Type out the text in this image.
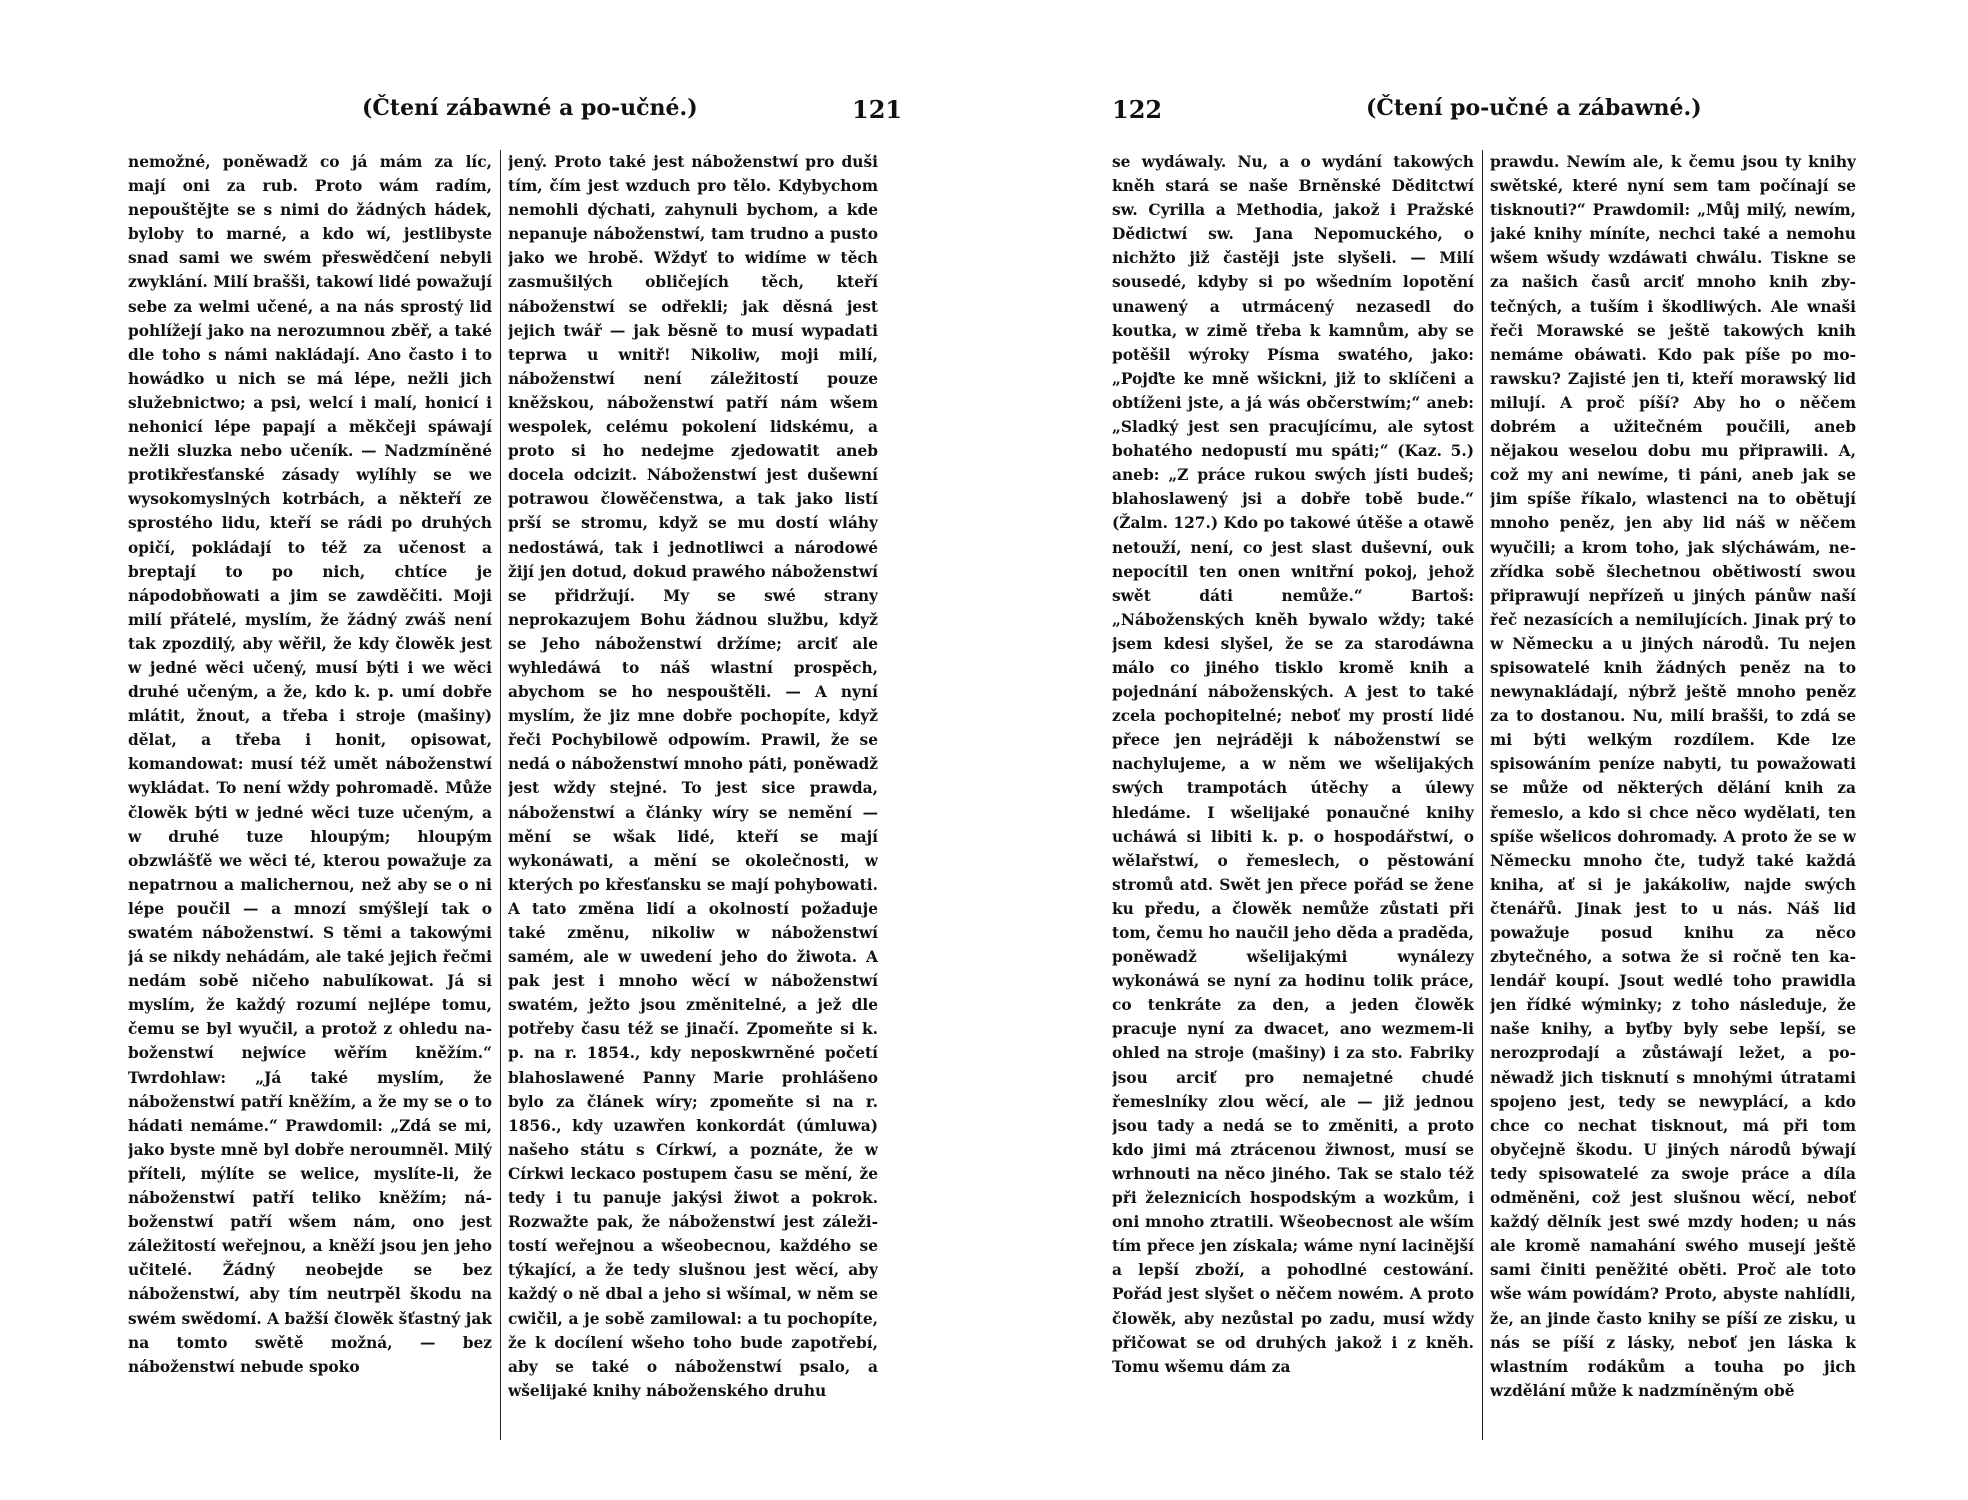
(Čtení zábawné a po-učné.)	121

nemožné, poněwadž co já mám za líc, mají oni za rub. Proto wám radím, nepouštějte se s nimi do žádných hádek, byloby to marné, a kdo wí, jestlibyste snad sami we swém přeswědčení nebyli zwyklání. Milí brašši, takowí lidé powažují sebe za welmi učené, a na nás sprostý lid pohlížejí jako na nerozumnou zběř, a také dle toho s námi nakládají. Ano často i to howádko u nich se má lépe, nežli jich služebnictwo; a psi, welcí i malí, honicí i nehonicí lépe papají a měkčeji spáwají nežli sluzka nebo učeník. — Nadzmíněné protikřesťanské zásady wylíhly se we wysokomyslných kotrbách, a někteří ze sprostého lidu, kteří se rádi po druhých opičí, pokládají to též za učenost a breptají to po nich, chtíce je nápodobňowati a jim se zawděčiti. Moji milí přátelé, myslím, že žádný zwáš není tak zpozdilý, aby wěřil, že kdy člowěk jest w jedné wěci učený, musí býti i we wěci druhé učeným, a že, kdo k. p. umí dobře mlátit, žnout, a třeba i stroje (mašiny) dělat, a třeba i honit, opisowat, komandowat: musí též umět náboženstwí wykládat. To není wždy pohromadě. Může člowěk býti w jedné wěci tuze učeným, a w druhé tuze hloupým; hloupým obzwlášťě we wěci té, kterou powažuje za nepatrnou a malichernou, než aby se o ni lépe poučil — a mnozí smýšlejí tak o swatém náboženstwí. S těmi a takowými já se nikdy nehádám, ale také jejich řečmi nedám sobě ničeho nabulíkowat. Já si myslím, že každý rozumí nejlépe tomu, čemu se byl wyučil, a protož z ohledu naboženstwí nejwíce wěřím kněžím.“ Twrdohlaw: „Já také myslím, že náboženstwí patří kněžím, a že my se o to hádati nemáme.“ Prawdomil: „Zdá se mi, jako byste mně byl dobře neroumněl. Milý příteli, mýlíte se welice, myslíte-li, že náboženstwí patří teliko kněžím; náboženstwí patří wšem nám, ono jest záležitostí weřejnou, a kněží jsou jen jeho učitelé. Žádný neobejde se bez náboženstwí, aby tím neutrpěl škodu na swém swědomí. A bažší člowěk šťastný jak na tomto swětě možná, — bez náboženstwí nebude spoko

jený. Proto také jest náboženstwí pro duši tím, čím jest wzduch pro tělo. Kdybychom nemohli dýchati, zahynuli bychom, a kde nepanuje náboženstwí, tam trudno a pusto jako we hrobě. Wždyť to widíme w těch zasmušilých obličejích těch, kteří náboženstwí se odřekli; jak děsná jest jejich twář — jak běsně to musí wypadati teprwa u wnitř! Nikoliw, moji milí, náboženstwí není záležitostí pouze kněžskou, náboženstwí patří nám wšem wespolek, celému pokolení lidskému, a proto si ho nedejme zjedowatit aneb docela odcizit. Náboženstwí jest dušewní potrawou člowěčenstwa, a tak jako listí prší se stromu, když se mu dostí wláhy nedostáwá, tak i jednotliwci a národowé žijí jen dotud, dokud prawého náboženstwí se přidržují. My se swé strany neprokazujem Bohu žádnou službu, když se Jeho náboženstwí držíme; arciť ale wyhledáwá to náš wlastní prospěch, abychom se ho nespouštěli. — A nyní myslím, že jiz mne dobře pochopíte, když řeči Pochybilowě odpowím. Prawil, že se nedá o náboženstwí mnoho páti, poněwadž jest wždy stejné. To jest sice prawda, náboženstwí a články wíry se nemění — mění se wšak lidé, kteří se mají wykonáwati, a mění se okolečnosti, w kterých po křesťansku se mají pohybowati. A tato změna lidí a okolností požaduje také změnu, nikoliw w náboženstwí samém, ale w uwedení jeho do žiwota. A pak jest i mnoho wěcí w náboženstwí swatém, ježto jsou změnitelné, a jež dle potřeby času též se jinačí. Zpomeňte si k. p. na r. 1854., kdy neposkwrněné početí blahoslawené Panny Marie prohlášeno bylo za článek wíry; zpomeňte si na r. 1856., kdy uzawřen konkordát (úmluwa) našeho státu s Církwí, a poznáte, že w Církwi leckaco postupem času se mění, že tedy i tu panuje jakýsi žiwot a pokrok. Rozwažte pak, že náboženstwí jest záležitostí weřejnou a wšeobecnou, každého se týkající, a že tedy slušnou jest wěcí, aby každý o ně dbal a jeho si wšímal, w něm se cwičil, a je sobě zamilowal: a tu pochopíte, že k docílení wšeho toho bude zapotřebí, aby se také o náboženstwí psalo, a wšelijaké knihy náboženského druhu

122	(Čtení po-učné a zábawné.)

se wydáwaly. Nu, a o wydání takowých kněh stará se naše Brněnské Děditctwí sw. Cyrilla a Methodia, jakož i Pražské Dědictwí sw. Jana Nepomuckého, o nichžto již častěji jste slyšeli. — Milí sousedé, kdyby si po wšedním lopotění unawený a utrmácený nezasedl do koutka, w zimě třeba k kamnům, aby se potěšil wýroky Písma swatého, jako: „Pojďte ke mně wšickni, již to sklíčeni a obtíženi jste, a já wás občerstwím;“ aneb: „Sladký jest sen pracujícímu, ale sytost bohatého nedopustí mu spáti;“ (Kaz. 5.) aneb: „Z práce rukou swých jísti budeš; blahoslawený jsi a dobře tobě bude.“ (Žalm. 127.) Kdo po takowé útěše a otawě netouží, není, co jest slast duševní, ouk nepocítil ten onen wnitřní pokoj, jehož swět dáti nemůže.“ Bartoš: „Náboženských kněh bywalo wždy; také jsem kdesi slyšel, že se za starodáwna málo co jiného tisklo kromě knih a pojednání náboženských. A jest to také zcela pochopitelné; neboť my prostí lidé přece jen nejráději k náboženstwí se nachylujeme, a w něm we wšelijakých swých trampotách útěchy a úlewy hledáme. I wšelijaké ponaučné knihy ucháwá si libiti k. p. o hospodářstwí, o wělařstwí, o řemeslech, o pěstowání stromů atd. Swět jen přece pořád se žene ku předu, a člowěk nemůže zůstati při tom, čemu ho naučil jeho děda a praděda, poněwadž wšelijakými wynálezy wykonáwá se nyní za hodinu tolik práce, co tenkráte za den, a jeden člowěk pracuje nyní za dwacet, ano wezmem-li ohled na stroje (mašiny) i za sto. Fabriky jsou arciť pro nemajetné chudé řemeslníky zlou wěcí, ale — již jednou jsou tady a nedá se to změniti, a proto kdo jimi má ztrácenou žiwnost, musí se wrhnouti na něco jiného. Tak se stalo též při železnicích hospodským a wozkům, i oni mnoho ztratili. Wšeobecnost ale wším tím přece jen získala; wáme nyní lacinější a lepší zboží, a pohodlné cestowání. Pořád jest slyšet o něčem nowém. A proto člowěk, aby nezůstal po zadu, musí wždy přičowat se od druhých jakož i z kněh. Tomu wšemu dám za

prawdu. Newím ale, k čemu jsou ty knihy swětské, které nyní sem tam počínají se tisknouti?“ Prawdomil: „Můj milý, newím, jaké knihy míníte, nechci také a nemohu wšem wšudy wzdáwati chwálu. Tiskne se za našich časů arciť mnoho knih zbytečných, a tuším i škodliwých. Ale wnaši řeči Morawské se ještě takowých knih nemáme obáwati. Kdo pak píše po morawsku? Zajisté jen ti, kteří morawský lid milují. A proč píší? Aby ho o něčem dobrém a užitečném poučili, aneb nějakou weselou dobu mu připrawili. A, což my ani newíme, ti páni, aneb jak se jim spíše říkalo, wlastenci na to obětují mnoho peněz, jen aby lid náš w něčem wyučili; a krom toho, jak slýcháwám, nezřídka sobě šlechetnou obětiwostí swou připrawují nepřízeň u jiných pánůw naší řeč nezasících a nemilujících. Jinak prý to w Německu a u jiných národů. Tu nejen spisowatelé knih žádných peněz na to newynakládají, nýbrž ještě mnoho peněz za to dostanou. Nu, milí brašši, to zdá se mi býti welkým rozdílem. Kde lze spisowáním peníze nabyti, tu powažowati se může od některých dělání knih za řemeslo, a kdo si chce něco wydělati, ten spíše wšelicos dohromady. A proto že se w Německu mnoho čte, tudyž také každá kniha, ať si je jakákoliw, najde swých čtenářů. Jinak jest to u nás. Náš lid powažuje posud knihu za něco zbytečného, a sotwa že si ročně ten kalendář koupí. Jsout wedlé toho prawidla jen řídké wýminky; z toho následuje, že naše knihy, a byťby byly sebe lepší, se nerozprodají a zůstáwají ležet, a poněwadž jich tisknutí s mnohými útratami spojeno jest, tedy se newyplácí, a kdo chce co nechat tisknout, má při tom obyčejně škodu. U jiných národů býwají tedy spisowatelé za swoje práce a díla odměněni, což jest slušnou wěcí, neboť každý dělník jest swé mzdy hoden; u nás ale kromě namahání swého musejí ještě sami činiti peněžité oběti. Proč ale toto wše wám powídám? Proto, abyste nahlídli, že, an jinde často knihy se píší ze zisku, u nás se píší z lásky, neboť jen láska k wlastním rodákům a touha po jich wzdělání může k nadzmíněným obě
